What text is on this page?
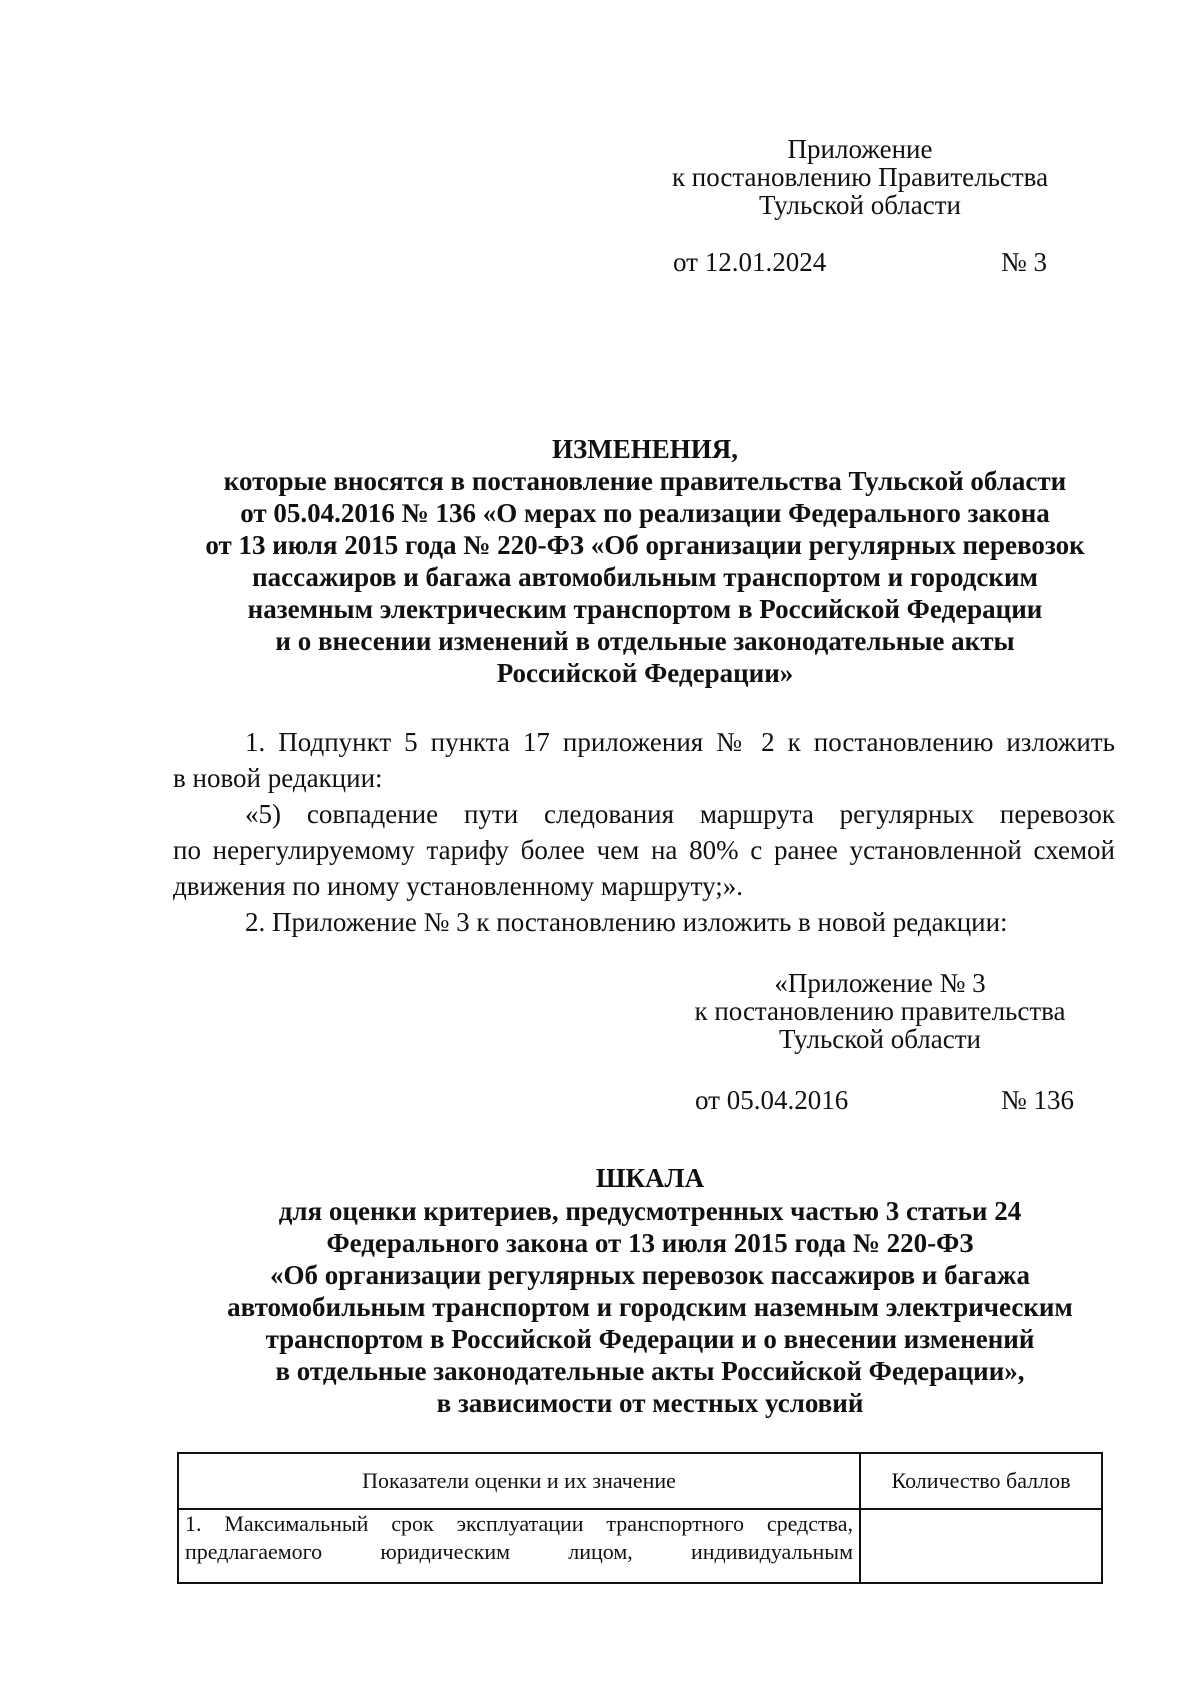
Приложение
к постановлению Правительства
Тульской области
от 12.01.2024	№ 3
ИЗМЕНЕНИЯ,
которые вносятся в постановление правительства Тульской области
от 05.04.2016 № 136 «О мерах по реализации Федерального закона
от 13 июля 2015 года № 220-ФЗ «Об организации регулярных перевозок
пассажиров и багажа автомобильным транспортом и городским
наземным электрическим транспортом в Российской Федерации
и о внесении изменений в отдельные законодательные акты
Российской Федерации»
1. Подпункт 5 пункта 17 приложения № 2 к постановлению изложить
в новой редакции:
«5) совпадение пути следования маршрута регулярных перевозок
по нерегулируемому тарифу более чем на 80% с ранее установленной схемой
движения по иному установленному маршруту;».
2. Приложение № 3 к постановлению изложить в новой редакции:
«Приложение № 3
к постановлению правительства
Тульской области
от 05.04.2016	№ 136
ШКАЛА
для оценки критериев, предусмотренных частью 3 статьи 24
Федерального закона от 13 июля 2015 года № 220-ФЗ
«Об организации регулярных перевозок пассажиров и багажа
автомобильным транспортом и городским наземным электрическим
транспортом в Российской Федерации и о внесении изменений
в отдельные законодательные акты Российской Федерации»,
в зависимости от местных условий
Показатели оценки и их значение	Количество баллов

1. Максимальный срок эксплуатации транспортного средства,
предлагаемого юридическим лицом, индивидуальным	
